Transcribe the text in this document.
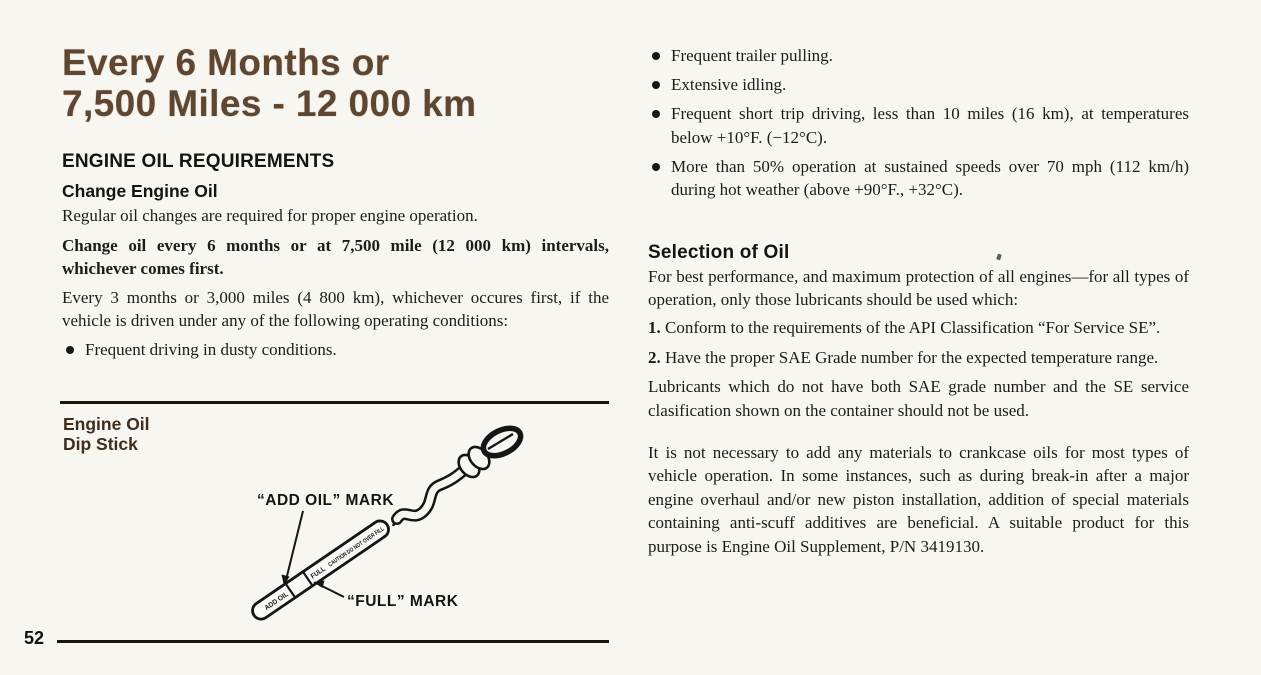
Every 6 Months or
7,500 Miles - 12 000 km
ENGINE OIL REQUIREMENTS
Change Engine Oil

Regular oil changes are required for proper engine operation.

Change oil every 6 months or at 7,500 mile (12 000 km) intervals, whichever comes first.

Every 3 months or 3,000 miles (4 800 km), whichever occures first, if the vehicle is driven under any of the following operating conditions:

Frequent driving in dusty conditions.
Engine Oil
Dip Stick
ADD OIL
FULL
CAUTION DO NOT OVER FILL
“ADD OIL” MARK
“FULL” MARK
Frequent trailer pulling.
Extensive idling.
Frequent short trip driving, less than 10 miles (16 km), at temperatures below +10°F. (−12°C).
More than 50% operation at sustained speeds over 70 mph (112 km/h) during hot weather (above +90°F., +32°C).
Selection of Oil

For best performance, and maximum protection of all engines—for all types of operation, only those lubricants should be used which:

1. Conform to the requirements of the API Classification “For Service SE”.

2. Have the proper SAE Grade number for the expected temperature range.

Lubricants which do not have both SAE grade number and the SE service clasification shown on the container should not be used.

It is not necessary to add any materials to crankcase oils for most types of vehicle operation. In some instances, such as during break-in after a major engine overhaul and/or new piston installation, addition of special materials containing anti-scuff additives are beneficial. A suitable product for this purpose is Engine Oil Supplement, P/N 3419130.

52
